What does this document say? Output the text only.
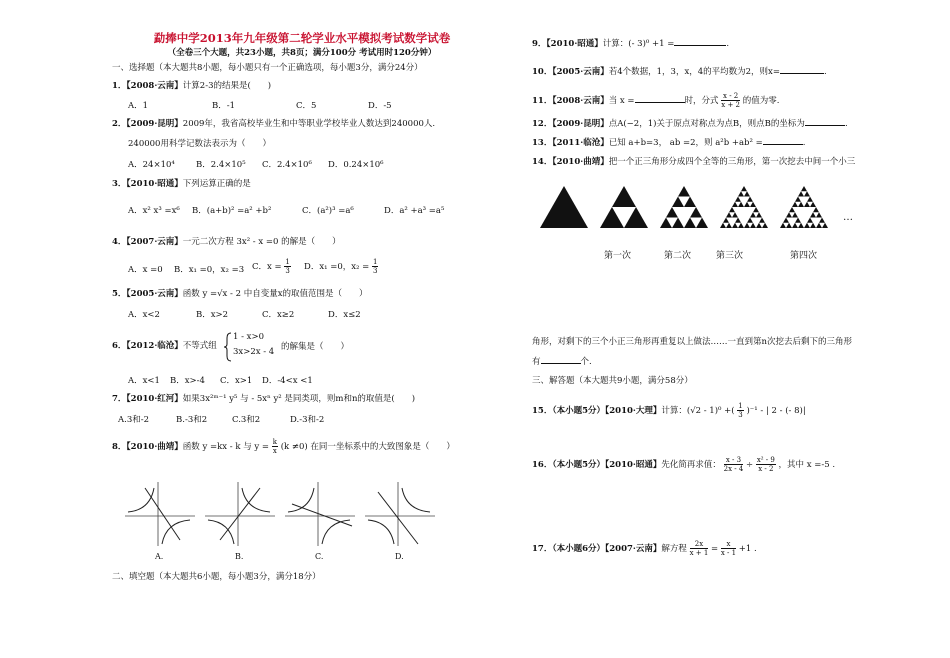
勐捧中学2013年九年级第二轮学业水平模拟考试数学试卷
（全卷三个大题，共23小题，共8页；满分100分 考试用时120分钟）
一、选择题（本大题共8小题，每小题只有一个正确选项，每小题3分，满分24分）
1．【2008·云南】计算2-3的结果是(　　)
A．1	B．-1	C．5	D．-5
2．【2009·昆明】2009年，我省高校毕业生和中等职业学校毕业人数达到240000人.
240000用科学记数法表示为（　　）
A．24×10⁴ B．2.4×10⁵ C．2.4×10⁶ D．0.24×10⁶
3．【2010·昭通】下列运算正确的是
A．x² x³ =x⁶ B．(a+b)² =a² +b²	C．(a²)³ =a⁶	D．a² +a³ =a⁵
4．【2007·云南】一元二次方程 3x² - x =0 的解是（　　）
A．x =0 B．x₁ =0，x₂ =3 C．$x = \frac{1}{3}$ D．x₁ =0，$x_2 = \frac{1}{3}$
5．【2005·云南】函数 y =√x - 2 中自变量x的取值范围是（　　）
A．x<2	B．x>2	C．x≥2	D．x≤2
6．【2012·临沧】不等式组
1 - x>0
3x>2x - 4 的解集是（　　）
A．x<1 B．x>-4 C．x>1 D．-4<x <1
7．【2010·红河】如果3x²ᵐ⁻¹ y⁵ 与 - 5xⁿ y² 是同类项，则m和n的取值是(　　)
A.3和-2	B.-3和2	C.3和2	D.-3和-2
8．【2010·曲靖】函数 y =kx - k 与 $y = \frac{k}{x} (k \ne 0)$ 在同一坐标系中的大致图象是（　　）
A.	B.	C.	D.
二、填空题（本大题共6小题，每小题3分，满分18分）
9．【2010·昭通】计算：(- 3)⁰ +1 =	.
10．【2005·云南】若4个数据，1，3，x，4的平均数为2，则x=	.
11．【2008·云南】当 x =	时，分式 $\frac{x - 2}{x + 2}$ 的值为零.
12．【2009·昆明】点A(−2，1)关于原点对称点为点B，则点B的坐标为	.
13．【2011·临沧】已知 a+b=3， ab =2，则 a²b +ab² =	.
14．【2010·曲靖】把一个正三角形分成四个全等的三角形，第一次挖去中间一个小三
…
第一次	第二次	第三次	第四次
角形，对剩下的三个小正三角形再重复以上做法……一直到第n次挖去后剩下的三角形
有	个.
三、解答题（本大题共9小题，满分58分）
15．（本小题5分）【2010·大理】计算：(√2 - 1)⁰ +( $\frac{1}{3} )^{-1}$ - | 2 - (- 8)|
16．（本小题5分）【2010·昭通】先化简再求值： $\frac{x - 3}{2x - 4} \div \frac{\text{x² - 9}}{x - 2}$ ，其中 x =-5 .
17．（本小题6分）【2007·云南】解方程 $\frac{2x}{x + 1} = \frac{x}{x - 1} +1$ .
